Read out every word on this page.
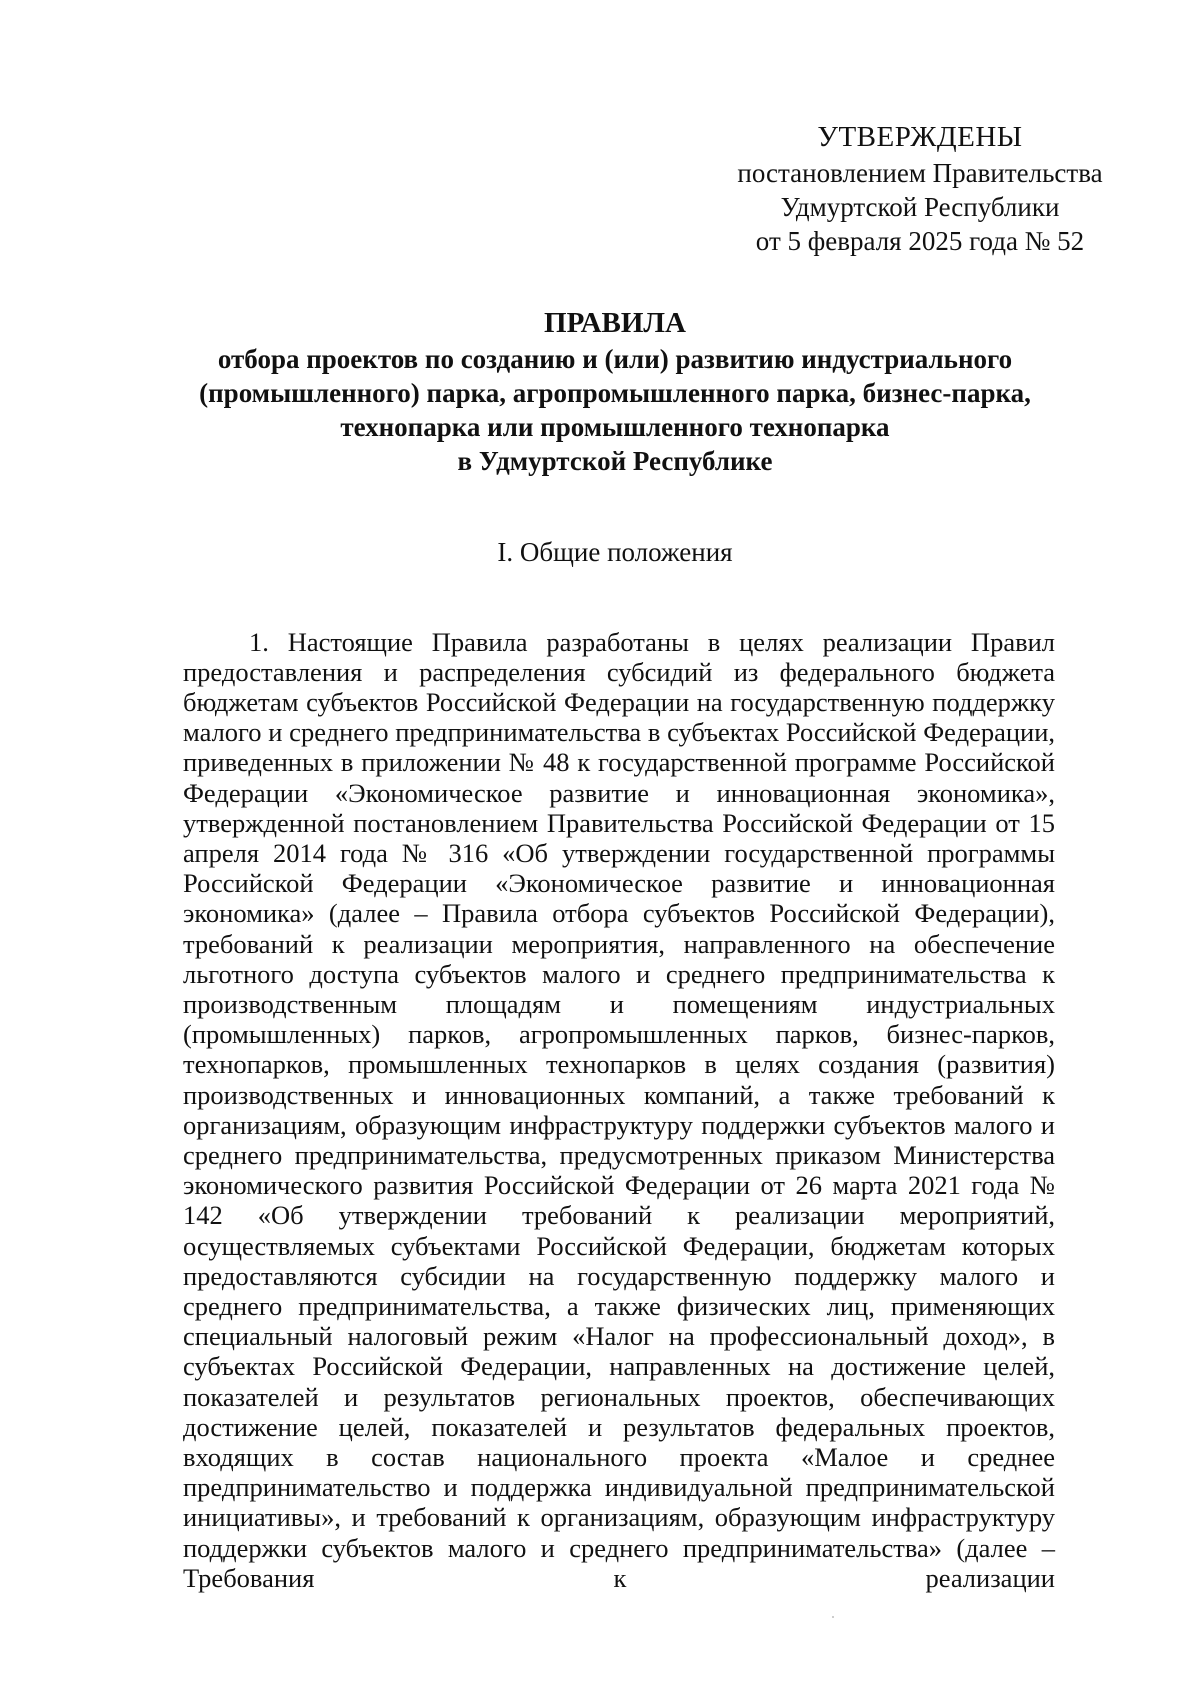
УТВЕРЖДЕНЫ
постановлением Правительства
Удмуртской Республики
от 5 февраля 2025 года № 52
ПРАВИЛА
отбора проектов по созданию и (или) развитию индустриального
(промышленного) парка, агропромышленного парка, бизнес-парка,
технопарка или промышленного технопарка
в Удмуртской Республике
I. Общие положения

1. Настоящие Правила разработаны в целях реализации Правил предоставления и распределения субсидий из федерального бюджета бюджетам субъектов Российской Федерации на государственную поддержку малого и среднего предпринимательства в субъектах Российской Федерации, приведенных в приложении № 48 к государственной программе Российской Федерации «Экономическое развитие и инновационная экономика», утвержденной постановлением Правительства Российской Федерации от 15 апреля 2014 года № 316 «Об утверждении государственной программы Российской Федерации «Экономическое развитие и инновационная экономика» (далее – Правила отбора субъектов Российской Федерации), требований к реализации мероприятия, направленного на обеспечение льготного доступа субъектов малого и среднего предпринимательства к производственным площадям и помещениям индустриальных (промышленных) парков, агропромышленных парков, бизнес-парков, технопарков, промышленных технопарков в целях создания (развития) производственных и инновационных компаний, а также требований к организациям, образующим инфраструктуру поддержки субъектов малого и среднего предпринимательства, предусмотренных приказом Министерства экономического развития Российской Федерации от 26 марта 2021 года № 142 «Об утверждении требований к реализации мероприятий, осуществляемых субъектами Российской Федерации, бюджетам которых предоставляются субсидии на государственную поддержку малого и среднего предпринимательства, а также физических лиц, применяющих специальный налоговый режим «Налог на профессиональный доход», в субъектах Российской Федерации, направленных на достижение целей, показателей и результатов региональных проектов, обеспечивающих достижение целей, показателей и результатов федеральных проектов, входящих в состав национального проекта «Малое и среднее предпринимательство и поддержка индивидуальной предпринимательской инициативы», и требований к организациям, образующим инфраструктуру поддержки субъектов малого и среднего предпринимательства» (далее – Требования к реализации
